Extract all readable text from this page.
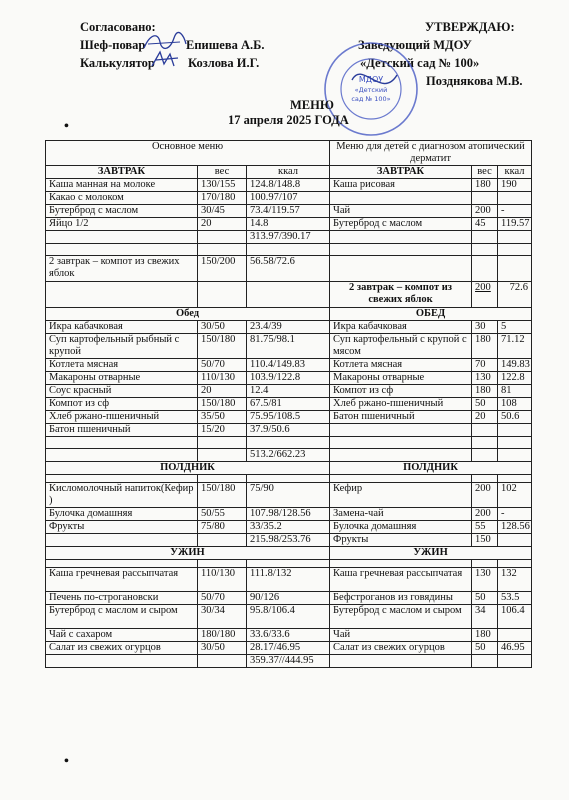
Согласовано:
Шеф-повар	Епишева А.Б.
Калькулятор	Козлова И.Г.
УТВЕРЖДАЮ:
Заведующий МДОУ
«Детский сад № 100»
Позднякова М.В.
МДОУ
«Детский
сад № 100»
МЕНЮ
17 апреля 2025 ГОДА
Основное меню			Меню для детей с диагнозом атопический дерматит		
ЗАВТРАК	вес	ккал	ЗАВТРАК	вес	ккал
Каша манная на молоке	130/155	124.8/148.8	Каша рисовая	180	190
Какао с молоком	170/180	100.97/107			
Бутерброд с маслом	30/45	73.4/119.57	Чай	200	-
Яйцо 1/2	20	14.8	Бутерброд с маслом	45	119.57
		313.97/390.17			

2 завтрак – компот из свежих яблок	150/200	56.58/72.6			
			2 завтрак – компот из свежих яблок	200	72.6
Обед			ОБЕД		
Икра кабачковая	30/50	23.4/39	Икра кабачковая	30	5
Суп картофельный рыбный с крупой	150/180	81.75/98.1	Суп картофельный с крупой с мясом	180	71.12
Котлета мясная	50/70	110.4/149.83	Котлета мясная	70	149.83
Макароны отварные	110/130	103.9/122.8	Макароны отварные	130	122.8
Соус красный	20	12.4	Компот из сф	180	81
Компот из сф	150/180	67.5/81	Хлеб ржано-пшеничный	50	108
Хлеб ржано-пшеничный	35/50	75.95/108.5	Батон пшеничный	20	50.6
Батон пшеничный	15/20	37.9/50.6			

		513.2/662.23			
ПОЛДНИК			ПОЛДНИК		

Кисломолочный напиток(Кефир )	150/180	75/90	Кефир	200	102
Булочка домашняя	50/55	107.98/128.56	Замена-чай	200	-
Фрукты	75/80	33/35.2	Булочка домашняя	55	128.56
		215.98/253.76	Фрукты	150	
УЖИН			УЖИН		

Каша гречневая рассыпчатая	110/130	111.8/132	Каша гречневая рассыпчатая	130	132
Печень по-строгановски	50/70	90/126	Бефстроганов из говядины	50	53.5
Бутерброд с маслом и сыром	30/34	95.8/106.4	Бутерброд с маслом и сыром	34	106.4
Чай с сахаром	180/180	33.6/33.6	Чай	180	
Салат из свежих огурцов	30/50	28.17/46.95	Салат из свежих огурцов	50	46.95
		359.37//444.95			
•
•
